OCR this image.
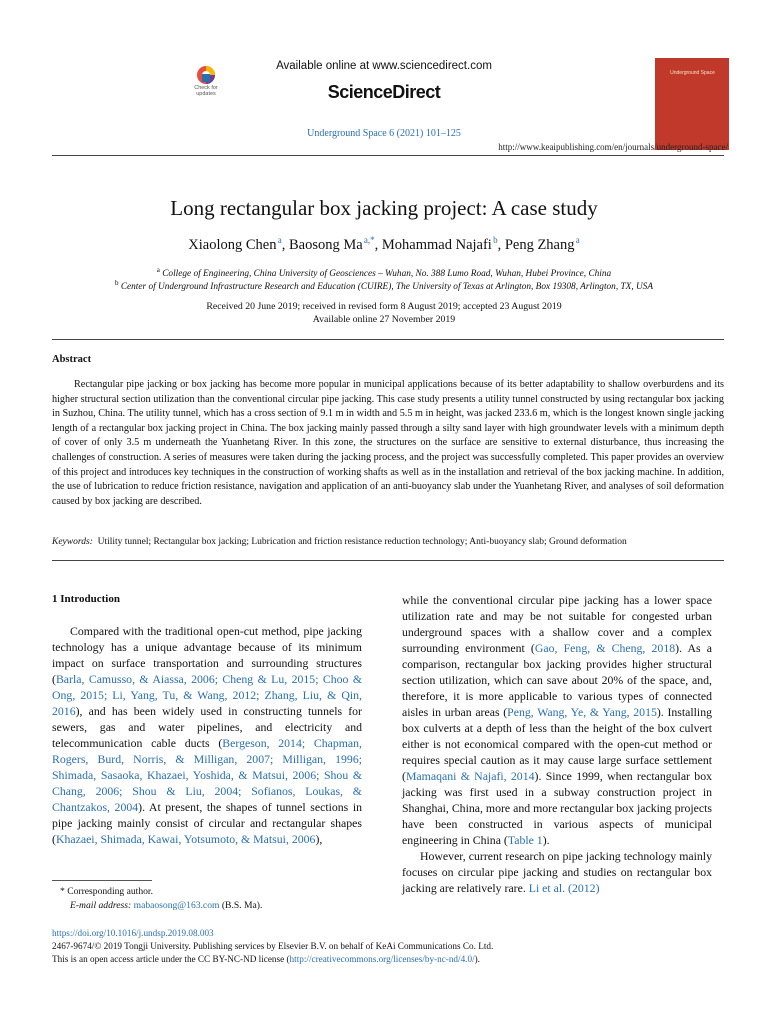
Check for updates
Available online at www.sciencedirect.com
ScienceDirect
Underground Space
Underground Space 6 (2021) 101–125
http://www.keaipublishing.com/en/journals/underground-space/
Long rectangular box jacking project: A case study
Xiaolong Chen $^a$, Baosong Ma $^{a,*}$, Mohammad Najafi $^b$, Peng Zhang $^a$
$^a$ College of Engineering, China University of Geosciences – Wuhan, No. 388 Lumo Road, Wuhan, Hubei Province, China
$^b$ Center of Underground Infrastructure Research and Education (CUIRE), The University of Texas at Arlington, Box 19308, Arlington, TX, USA
Received 20 June 2019; received in revised form 8 August 2019; accepted 23 August 2019
Available online 27 November 2019
Abstract

Rectangular pipe jacking or box jacking has become more popular in municipal applications because of its better adaptability to shallow overburdens and its higher structural section utilization than the conventional circular pipe jacking. This case study presents a utility tunnel constructed by using rectangular box jacking in Suzhou, China. The utility tunnel, which has a cross section of 9.1 m in width and 5.5 m in height, was jacked 233.6 m, which is the longest known single jacking length of a rectangular box jacking project in China. The box jacking mainly passed through a silty sand layer with high groundwater levels with a minimum depth of cover of only 3.5 m underneath the Yuanhetang River. In this zone, the structures on the surface are sensitive to external disturbance, thus increasing the challenges of construction. A series of measures were taken during the jacking process, and the project was successfully completed. This paper provides an overview of this project and introduces key techniques in the construction of working shafts as well as in the installation and retrieval of the box jacking machine. In addition, the use of lubrication to reduce friction resistance, navigation and application of an anti-buoyancy slab under the Yuanhetang River, and analyses of soil deformation caused by box jacking are described.

Keywords: Utility tunnel; Rectangular box jacking; Lubrication and friction resistance reduction technology; Anti-buoyancy slab; Ground deformation
1 Introduction

Compared with the traditional open-cut method, pipe jacking technology has a unique advantage because of its minimum impact on surface transportation and surrounding structures (Barla, Camusso, & Aiassa, 2006; Cheng & Lu, 2015; Choo & Ong, 2015; Li, Yang, Tu, & Wang, 2012; Zhang, Liu, & Qin, 2016), and has been widely used in constructing tunnels for sewers, gas and water pipelines, and electricity and telecommunication cable ducts (Bergeson, 2014; Chapman, Rogers, Burd, Norris, & Milligan, 2007; Milligan, 1996; Shimada, Sasaoka, Khazaei, Yoshida, & Matsui, 2006; Shou & Chang, 2006; Shou & Liu, 2004; Sofianos, Loukas, & Chantzakos, 2004). At present, the shapes of tunnel sections in pipe jacking mainly consist of circular and rectangular shapes (Khazaei, Shimada, Kawai, Yotsumoto, & Matsui, 2006),

while the conventional circular pipe jacking has a lower space utilization rate and may be not suitable for congested urban underground spaces with a shallow cover and a complex surrounding environment (Gao, Feng, & Cheng, 2018). As a comparison, rectangular box jacking provides higher structural section utilization, which can save about 20% of the space, and, therefore, it is more applicable to various types of connected aisles in urban areas (Peng, Wang, Ye, & Yang, 2015). Installing box culverts at a depth of less than the height of the box culvert either is not economical compared with the open-cut method or requires special caution as it may cause large surface settlement (Mamaqani & Najafi, 2014). Since 1999, when rectangular box jacking was first used in a subway construction project in Shanghai, China, more and more rectangular box jacking projects have been constructed in various aspects of municipal engineering in China (Table 1).

However, current research on pipe jacking technology mainly focuses on circular pipe jacking and studies on rectangular box jacking are relatively rare. Li et al. (2012)

* Corresponding author.
E-mail address: mabaosong@163.com (B.S. Ma).
https://doi.org/10.1016/j.undsp.2019.08.003
2467-9674/© 2019 Tongji University. Publishing services by Elsevier B.V. on behalf of KeAi Communications Co. Ltd.
This is an open access article under the CC BY-NC-ND license (http://creativecommons.org/licenses/by-nc-nd/4.0/).
